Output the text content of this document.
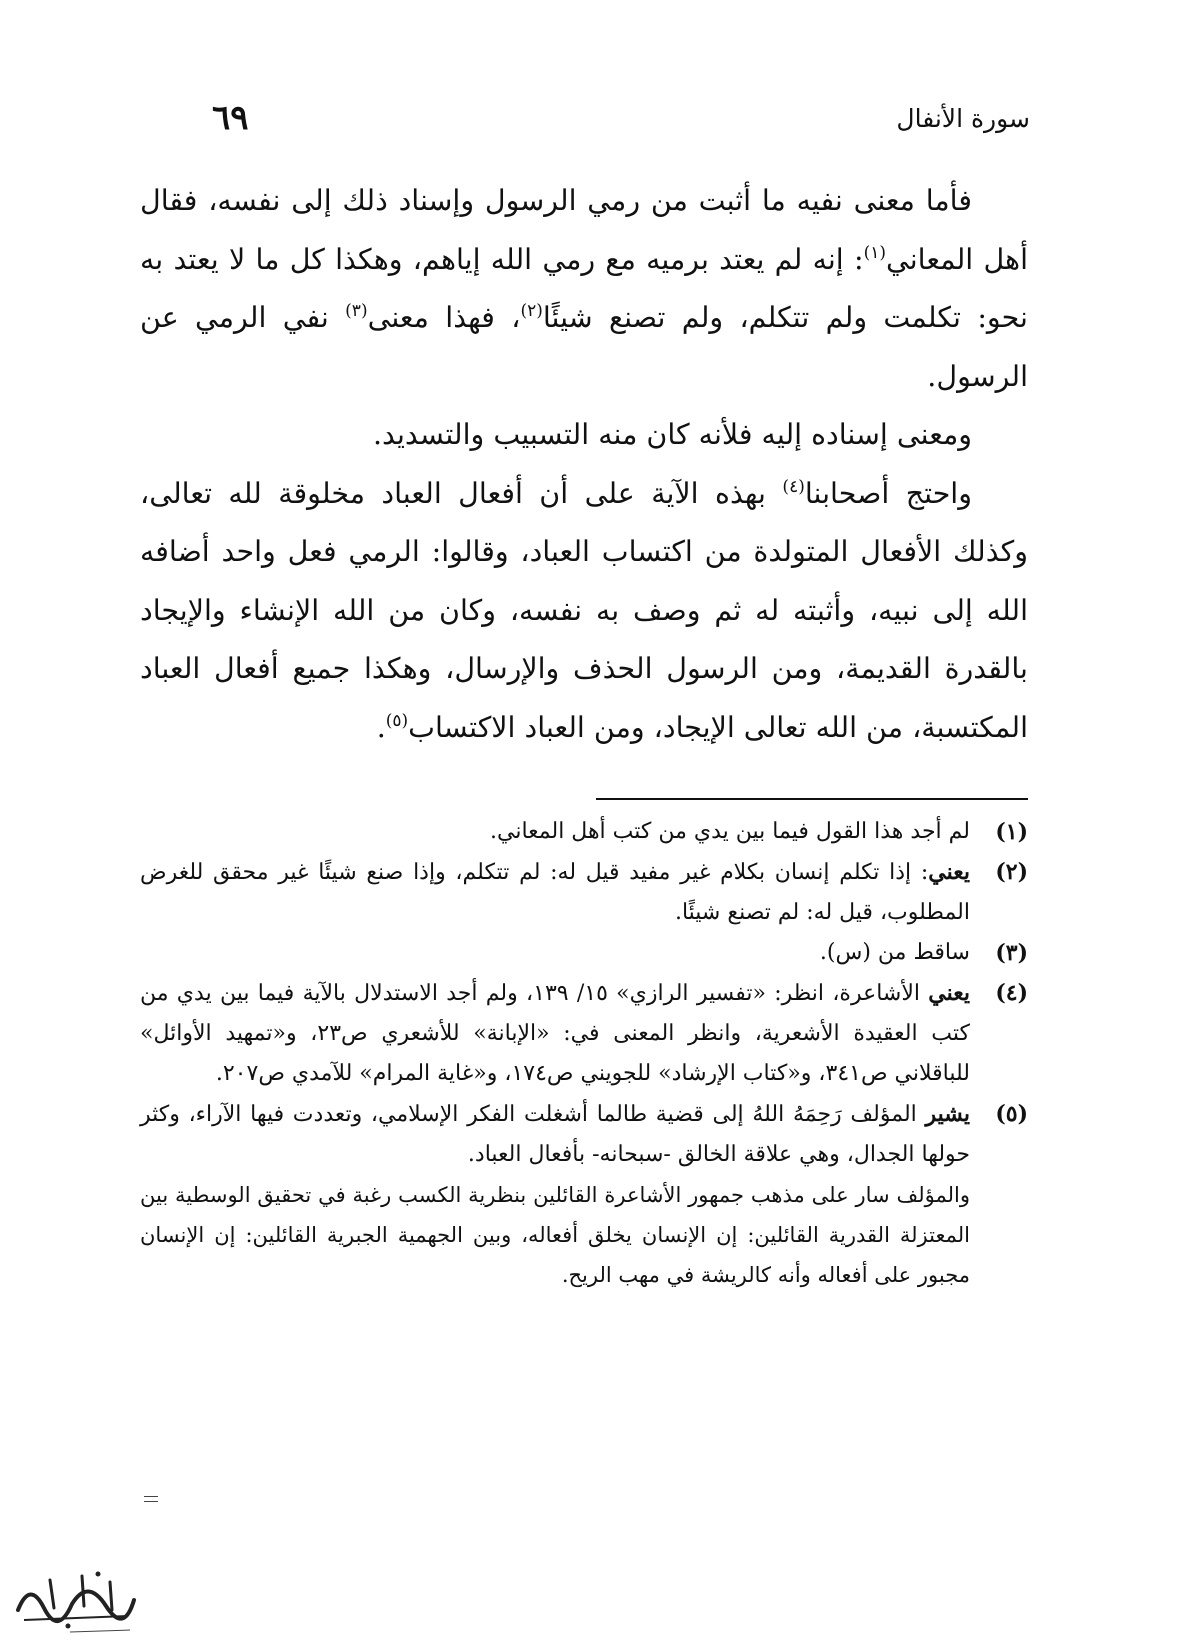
سورة الأنفال
٦٩

فأما معنى نفيه ما أثبت من رمي الرسول وإسناد ذلك إلى نفسه، فقال أهل المعاني$^{(١)}$: إنه لم يعتد برميه مع رمي الله إياهم، وهكذا كل ما لا يعتد به نحو: تكلمت ولم تتكلم، ولم تصنع شيئًا$^{(٢)}$، فهذا معنى$^{(٣)}$ نفي الرمي عن الرسول.

ومعنى إسناده إليه فلأنه كان منه التسبيب والتسديد.

واحتج أصحابنا$^{(٤)}$ بهذه الآية على أن أفعال العباد مخلوقة لله تعالى، وكذلك الأفعال المتولدة من اكتساب العباد، وقالوا: الرمي فعل واحد أضافه الله إلى نبيه، وأثبته له ثم وصف به نفسه، وكان من الله الإنشاء والإيجاد بالقدرة القديمة، ومن الرسول الحذف والإرسال، وهكذا جميع أفعال العباد المكتسبة، من الله تعالى الإيجاد، ومن العباد الاكتساب$^{(٥)}$.

(١)
لم أجد هذا القول فيما بين يدي من كتب أهل المعاني.
(٢)
يعني: إذا تكلم إنسان بكلام غير مفيد قيل له: لم تتكلم، وإذا صنع شيئًا غير محقق للغرض المطلوب، قيل له: لم تصنع شيئًا.
(٣)
ساقط من (س).
(٤)
يعني الأشاعرة، انظر: «تفسير الرازي» ١٥/ ١٣٩، ولم أجد الاستدلال بالآية فيما بين يدي من كتب العقيدة الأشعرية، وانظر المعنى في: «الإبانة» للأشعري ص٢٣، و«تمهيد الأوائل» للباقلاني ص٣٤١، و«كتاب الإرشاد» للجويني ص١٧٤، و«غاية المرام» للآمدي ص٢٠٧.
(٥)
يشير المؤلف رَحِمَهُ اللهُ إلى قضية طالما أشغلت الفكر الإسلامي، وتعددت فيها الآراء، وكثر حولها الجدال، وهي علاقة الخالق -سبحانه- بأفعال العباد.

والمؤلف سار على مذهب جمهور الأشاعرة القائلين بنظرية الكسب رغبة في تحقيق الوسطية بين المعتزلة القدرية القائلين: إن الإنسان يخلق أفعاله، وبين الجهمية الجبرية القائلين: إن الإنسان مجبور على أفعاله وأنه كالريشة في مهب الريح.
